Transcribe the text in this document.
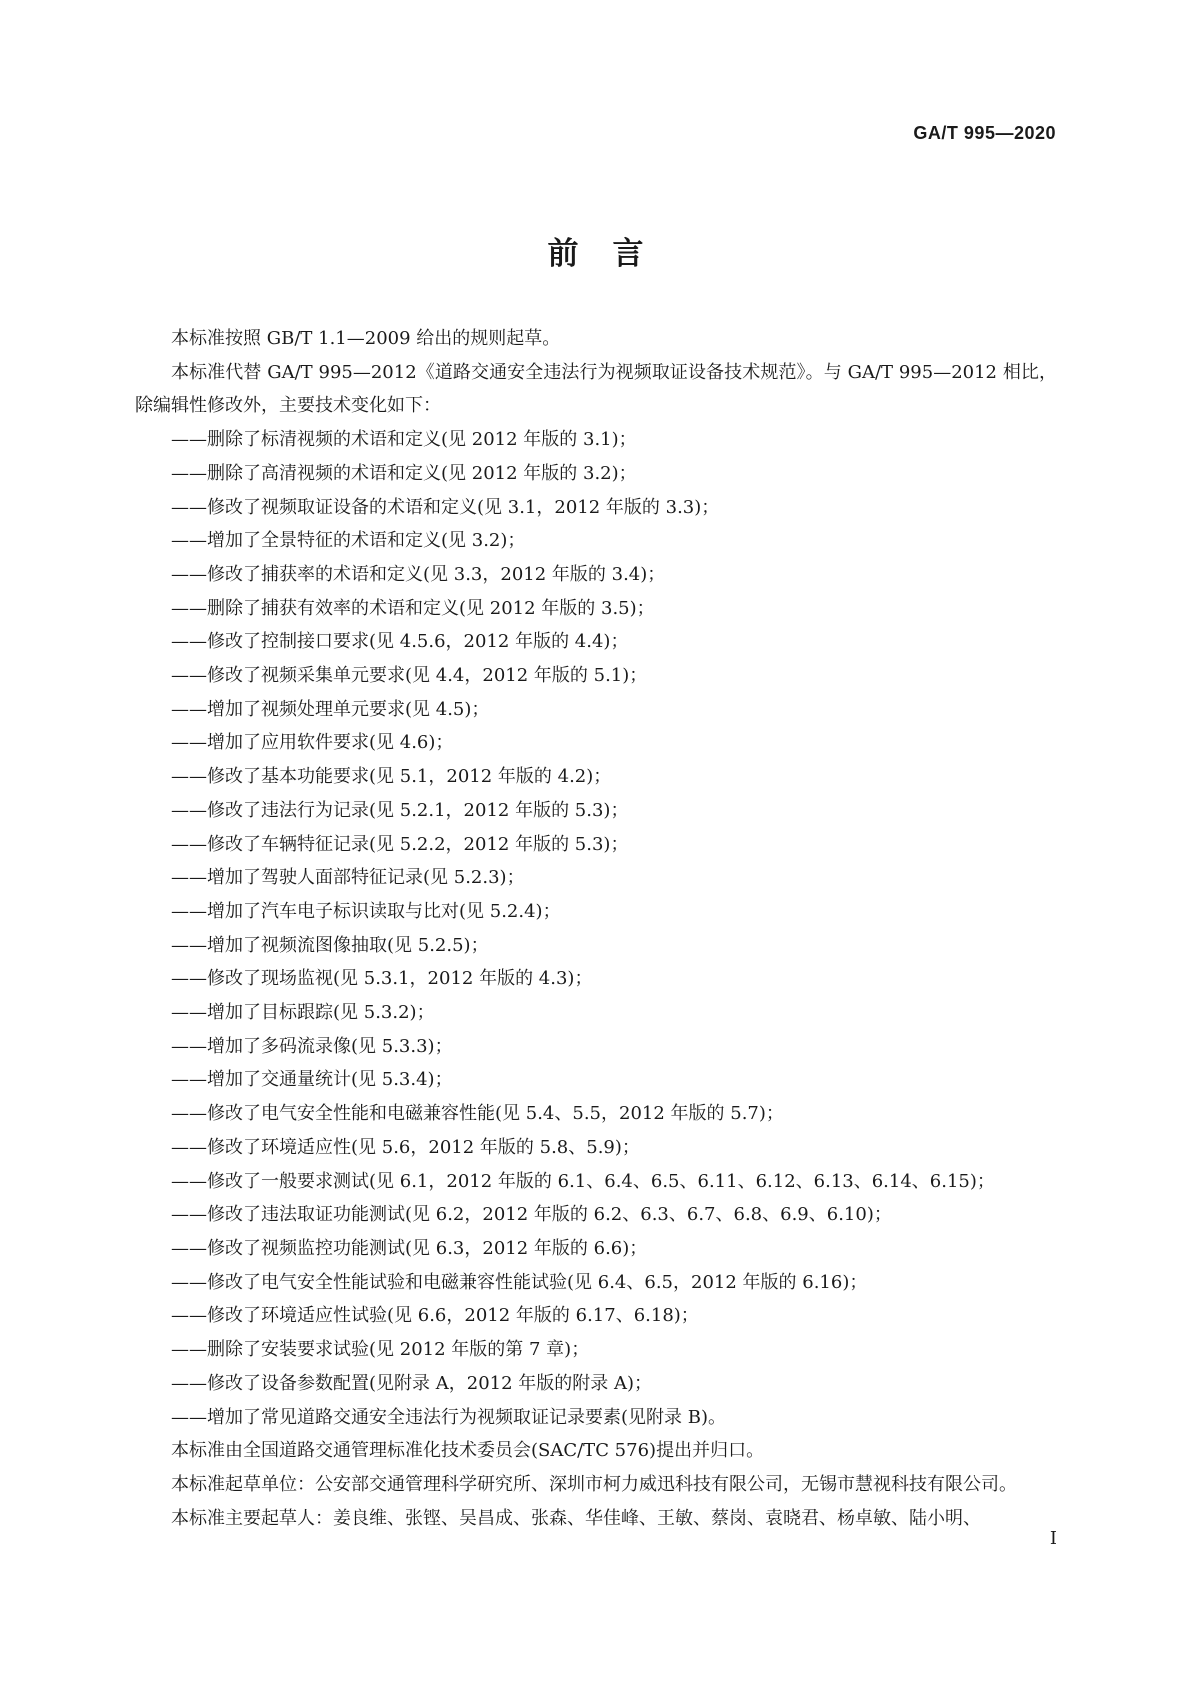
GA/T 995—2020
前言

本标准按照 GB/T 1.1—2009 给出的规则起草。

本标准代替 GA/T 995—2012《道路交通安全违法行为视频取证设备技术规范》。与 GA/T 995—2012 相比，除编辑性修改外，主要技术变化如下：

——删除了标清视频的术语和定义(见 2012 年版的 3.1)；

——删除了高清视频的术语和定义(见 2012 年版的 3.2)；

——修改了视频取证设备的术语和定义(见 3.1，2012 年版的 3.3)；

——增加了全景特征的术语和定义(见 3.2)；

——修改了捕获率的术语和定义(见 3.3，2012 年版的 3.4)；

——删除了捕获有效率的术语和定义(见 2012 年版的 3.5)；

——修改了控制接口要求(见 4.5.6，2012 年版的 4.4)；

——修改了视频采集单元要求(见 4.4，2012 年版的 5.1)；

——增加了视频处理单元要求(见 4.5)；

——增加了应用软件要求(见 4.6)；

——修改了基本功能要求(见 5.1，2012 年版的 4.2)；

——修改了违法行为记录(见 5.2.1，2012 年版的 5.3)；

——修改了车辆特征记录(见 5.2.2，2012 年版的 5.3)；

——增加了驾驶人面部特征记录(见 5.2.3)；

——增加了汽车电子标识读取与比对(见 5.2.4)；

——增加了视频流图像抽取(见 5.2.5)；

——修改了现场监视(见 5.3.1，2012 年版的 4.3)；

——增加了目标跟踪(见 5.3.2)；

——增加了多码流录像(见 5.3.3)；

——增加了交通量统计(见 5.3.4)；

——修改了电气安全性能和电磁兼容性能(见 5.4、5.5，2012 年版的 5.7)；

——修改了环境适应性(见 5.6，2012 年版的 5.8、5.9)；

——修改了一般要求测试(见 6.1，2012 年版的 6.1、6.4、6.5、6.11、6.12、6.13、6.14、6.15)；

——修改了违法取证功能测试(见 6.2，2012 年版的 6.2、6.3、6.7、6.8、6.9、6.10)；

——修改了视频监控功能测试(见 6.3，2012 年版的 6.6)；

——修改了电气安全性能试验和电磁兼容性能试验(见 6.4、6.5，2012 年版的 6.16)；

——修改了环境适应性试验(见 6.6，2012 年版的 6.17、6.18)；

——删除了安装要求试验(见 2012 年版的第 7 章)；

——修改了设备参数配置(见附录 A，2012 年版的附录 A)；

——增加了常见道路交通安全违法行为视频取证记录要素(见附录 B)。

本标准由全国道路交通管理标准化技术委员会(SAC/TC 576)提出并归口。

本标准起草单位：公安部交通管理科学研究所、深圳市柯力威迅科技有限公司，无锡市慧视科技有限公司。

本标准主要起草人：姜良维、张铿、吴昌成、张森、华佳峰、王敏、蔡岗、袁晓君、杨卓敏、陆小明、

I
